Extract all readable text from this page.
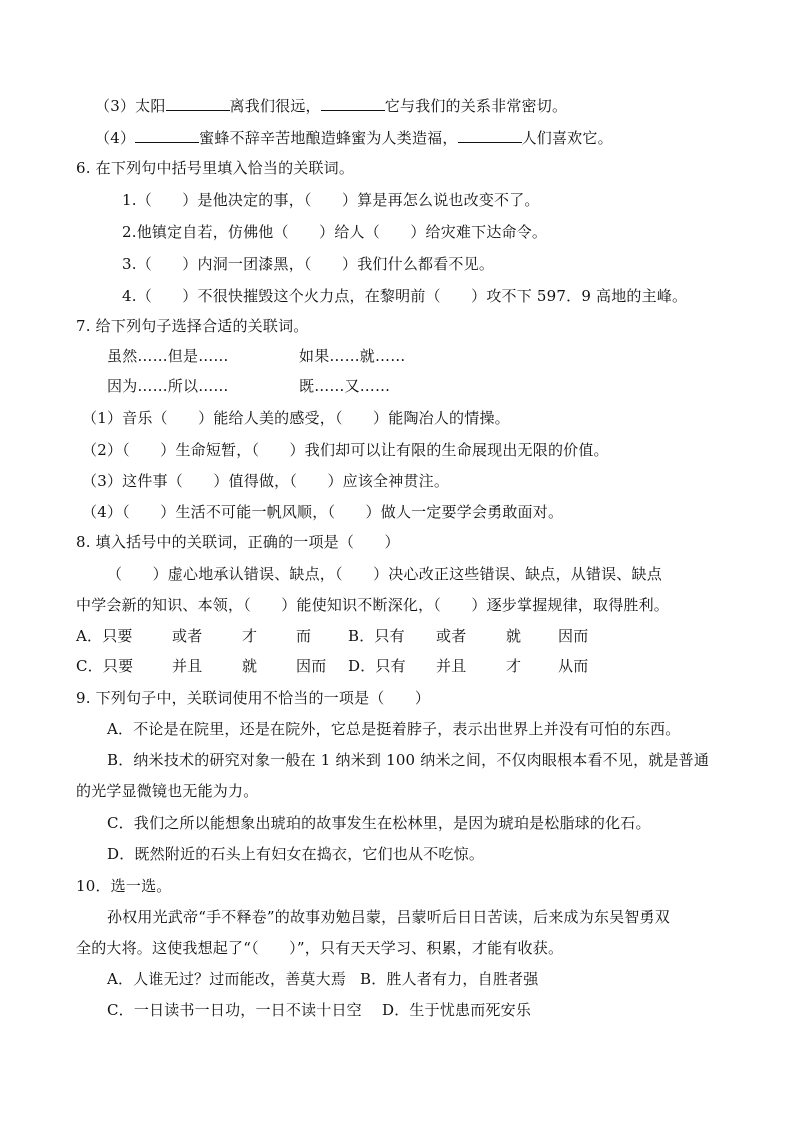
（3）太阳	离我们很远，	它与我们的关系非常密切。
（4）	蜜蜂不辞辛苦地酿造蜂蜜为人类造福，	人们喜欢它。
6. 在下列句中括号里填入恰当的关联词。
1.（　　）是他决定的事，（　　）算是再怎么说也改变不了。
2.他镇定自若，仿佛他（　　）给人（　　）给灾难下达命令。
3.（　　）内洞一团漆黑，（　　）我们什么都看不见。
4.（　　）不很快摧毁这个火力点，在黎明前（　　）攻不下 597．9 高地的主峰。
7. 给下列句子选择合适的关联词。
虽然……但是……	如果……就……
因为……所以……	既……又……
（1）音乐（　　）能给人美的感受，（　　）能陶冶人的情操。
（2）（　　）生命短暂，（　　）我们却可以让有限的生命展现出无限的价值。
（3）这件事（　　）值得做，（　　）应该全神贯注。
（4）（　　）生活不可能一帆风顺，（　　）做人一定要学会勇敢面对。
8. 填入括号中的关联词，正确的一项是（　　）
（　　）虚心地承认错误、缺点，（　　）决心改正这些错误、缺点，从错误、缺点
中学会新的知识、本领，（　　）能使知识不断深化，（　　）逐步掌握规律，取得胜利。
A．只要	或者	才	而 B．只有 或者	就 因而
C．只要	并且	就	因而 D．只有 并且	才 从而
9. 下列句子中，关联词使用不恰当的一项是（　　）
A．不论是在院里，还是在院外，它总是挺着脖子，表示出世界上并没有可怕的东西。
B．纳米技术的研究对象一般在 1 纳米到 100 纳米之间，不仅肉眼根本看不见，就是普通
的光学显微镜也无能为力。
C．我们之所以能想象出琥珀的故事发生在松林里，是因为琥珀是松脂球的化石。
D．既然附近的石头上有妇女在捣衣，它们也从不吃惊。
10．选一选。
孙权用光武帝“手不释卷”的故事劝勉吕蒙，吕蒙听后日日苦读，后来成为东吴智勇双
全的大将。这使我想起了“（　　）”，只有天天学习、积累，才能有收获。
A．人谁无过？过而能改，善莫大焉 B．胜人者有力，自胜者强
C．一日读书一日功，一日不读十日空 D．生于忧患而死安乐
